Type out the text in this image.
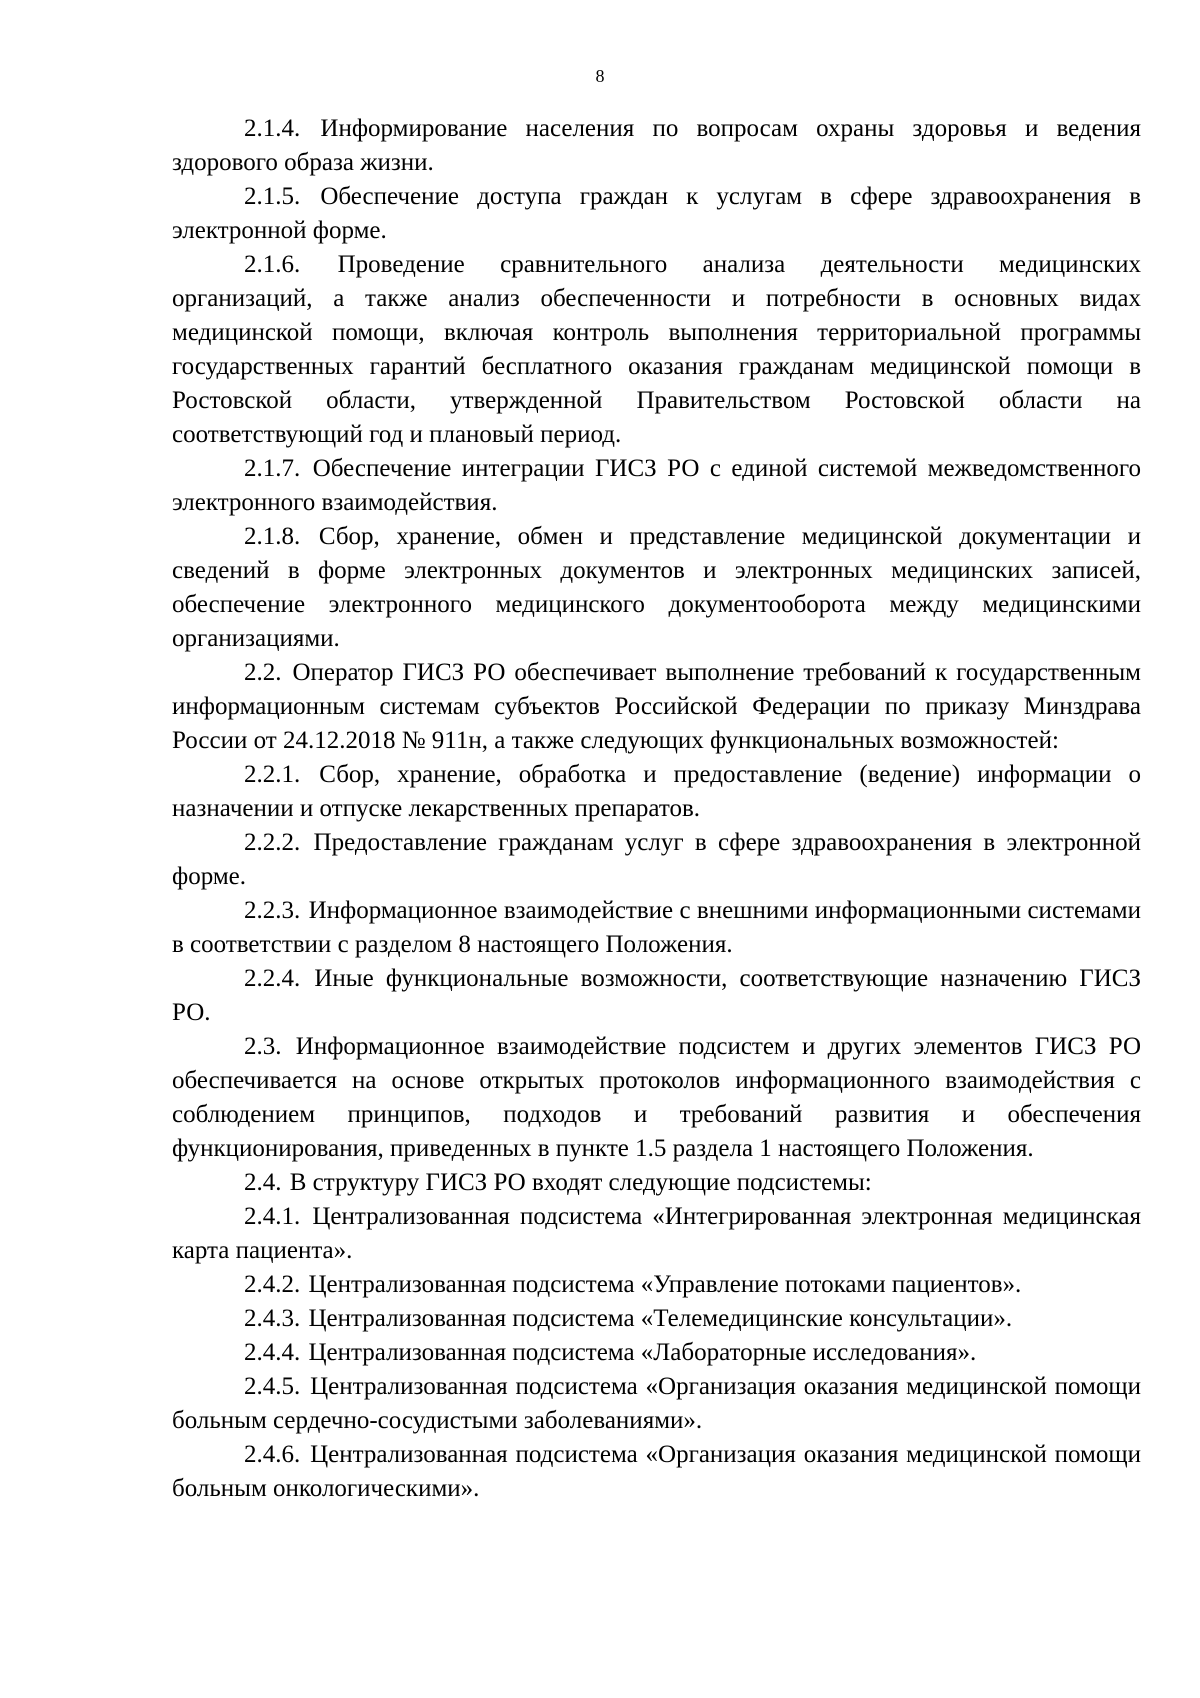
8

2.1.4. Информирование населения по вопросам охраны здоровья и ведения здорового образа жизни.

2.1.5. Обеспечение доступа граждан к услугам в сфере здравоохранения в электронной форме.

2.1.6. Проведение сравнительного анализа деятельности медицинских организаций, а также анализ обеспеченности и потребности в основных видах медицинской помощи, включая контроль выполнения территориальной программы государственных гарантий бесплатного оказания гражданам медицинской помощи в Ростовской области, утвержденной Правительством Ростовской области на соответствующий год и плановый период.

2.1.7. Обеспечение интеграции ГИСЗ РО с единой системой межведомственного электронного взаимодействия.

2.1.8. Сбор, хранение, обмен и представление медицинской документации и сведений в форме электронных документов и электронных медицинских записей, обеспечение электронного медицинского документооборота между медицинскими организациями.

2.2. Оператор ГИСЗ РО обеспечивает выполнение требований к государственным информационным системам субъектов Российской Федерации по приказу Минздрава России от 24.12.2018 № 911н, а также следующих функциональных возможностей:

2.2.1. Сбор, хранение, обработка и предоставление (ведение) информации о назначении и отпуске лекарственных препаратов.

2.2.2. Предоставление гражданам услуг в сфере здравоохранения в электронной форме.

2.2.3. Информационное взаимодействие с внешними информационными системами в соответствии с разделом 8 настоящего Положения.

2.2.4. Иные функциональные возможности, соответствующие назначению ГИСЗ РО.

2.3. Информационное взаимодействие подсистем и других элементов ГИСЗ РО обеспечивается на основе открытых протоколов информационного взаимодействия с соблюдением принципов, подходов и требований развития и обеспечения функционирования, приведенных в пункте 1.5 раздела 1 настоящего Положения.

2.4. В структуру ГИСЗ РО входят следующие подсистемы:

2.4.1. Централизованная подсистема «Интегрированная электронная медицинская карта пациента».

2.4.2. Централизованная подсистема «Управление потоками пациентов».

2.4.3. Централизованная подсистема «Телемедицинские консультации».

2.4.4. Централизованная подсистема «Лабораторные исследования».

2.4.5. Централизованная подсистема «Организация оказания медицинской помощи больным сердечно-сосудистыми заболеваниями».

2.4.6. Централизованная подсистема «Организация оказания медицинской помощи больным онкологическими».
